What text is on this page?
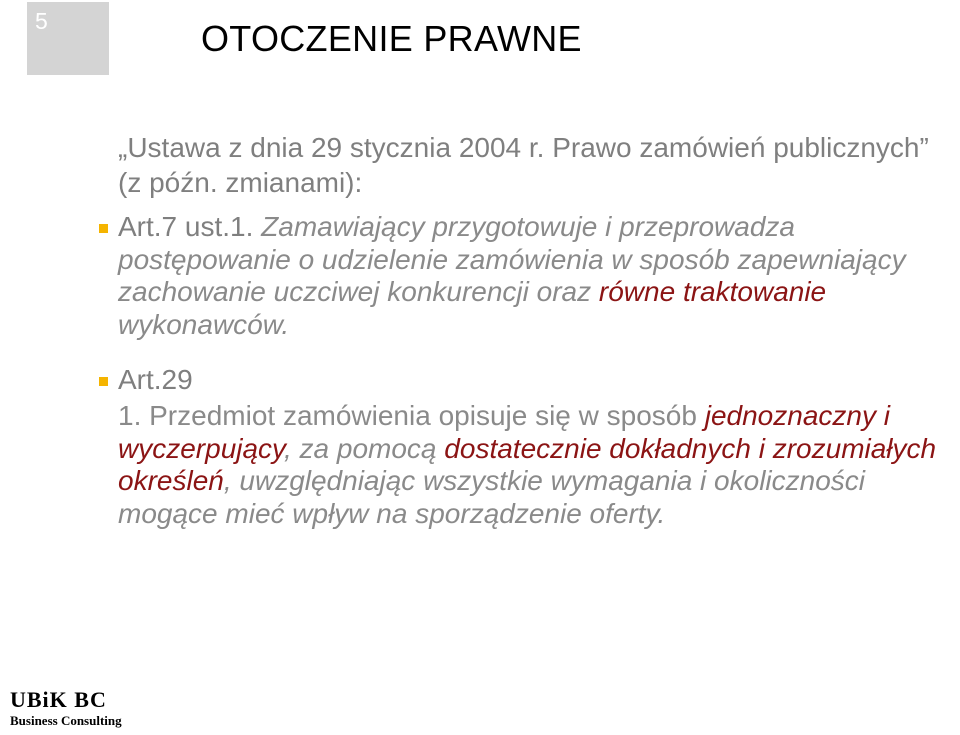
5	OTOCZENIE PRAWNE
„Ustawa z dnia 29 stycznia 2004 r. Prawo zamówień publicznych” (z późn. zmianami):
Art.7 ust.1. Zamawiający przygotowuje i przeprowadza postępowanie o udzielenie zamówienia w sposób zapewniający zachowanie uczciwej konkurencji oraz równe traktowanie wykonawców.
Art.29
1. Przedmiot zamówienia opisuje się w sposób jednoznaczny i wyczerpujący, za pomocą dostatecznie dokładnych i zrozumiałych określeń, uwzględniając wszystkie wymagania i okoliczności mogące mieć wpływ na sporządzenie oferty.
UBiK BC
Business Consulting
